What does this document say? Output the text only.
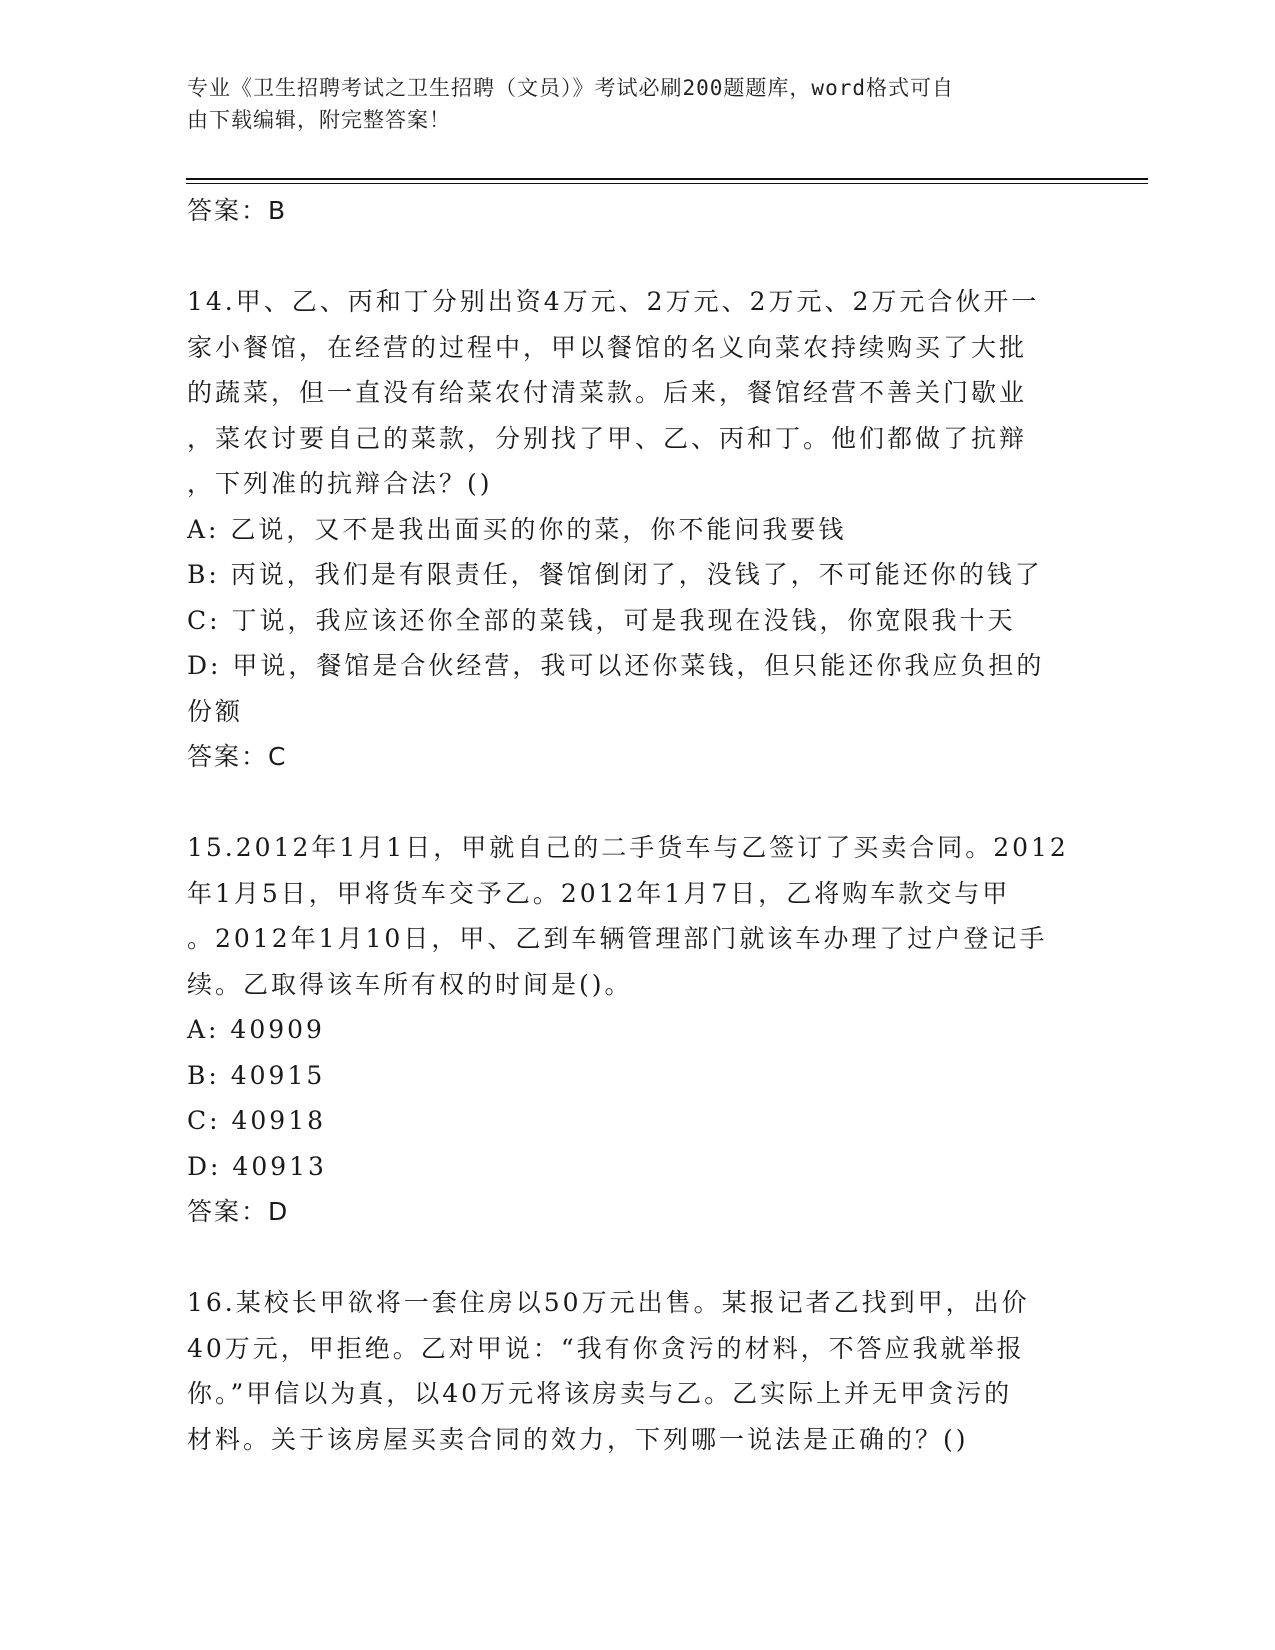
专业《卫生招聘考试之卫生招聘（文员）》考试必刷200题题库，word格式可自
由下载编辑，附完整答案！
答案：B
14.甲、乙、丙和丁分别出资4万元、2万元、2万元、2万元合伙开一
家小餐馆，在经营的过程中，甲以餐馆的名义向菜农持续购买了大批
的蔬菜，但一直没有给菜农付清菜款。后来，餐馆经营不善关门歇业
，菜农讨要自己的菜款，分别找了甲、乙、丙和丁。他们都做了抗辩
，下列准的抗辩合法？()
A: 乙说，又不是我出面买的你的菜，你不能问我要钱
B: 丙说，我们是有限责任，餐馆倒闭了，没钱了，不可能还你的钱了
C: 丁说，我应该还你全部的菜钱，可是我现在没钱，你宽限我十天
D: 甲说，餐馆是合伙经营，我可以还你菜钱，但只能还你我应负担的
份额
答案：C
15.2012年1月1日，甲就自己的二手货车与乙签订了买卖合同。2012
年1月5日，甲将货车交予乙。2012年1月7日，乙将购车款交与甲
。2012年1月10日，甲、乙到车辆管理部门就该车办理了过户登记手
续。乙取得该车所有权的时间是()。
A: 40909
B: 40915
C: 40918
D: 40913
答案：D
16.某校长甲欲将一套住房以50万元出售。某报记者乙找到甲，出价
40万元，甲拒绝。乙对甲说：“我有你贪污的材料，不答应我就举报
你。”甲信以为真，以40万元将该房卖与乙。乙实际上并无甲贪污的
材料。关于该房屋买卖合同的效力，下列哪一说法是正确的？()
